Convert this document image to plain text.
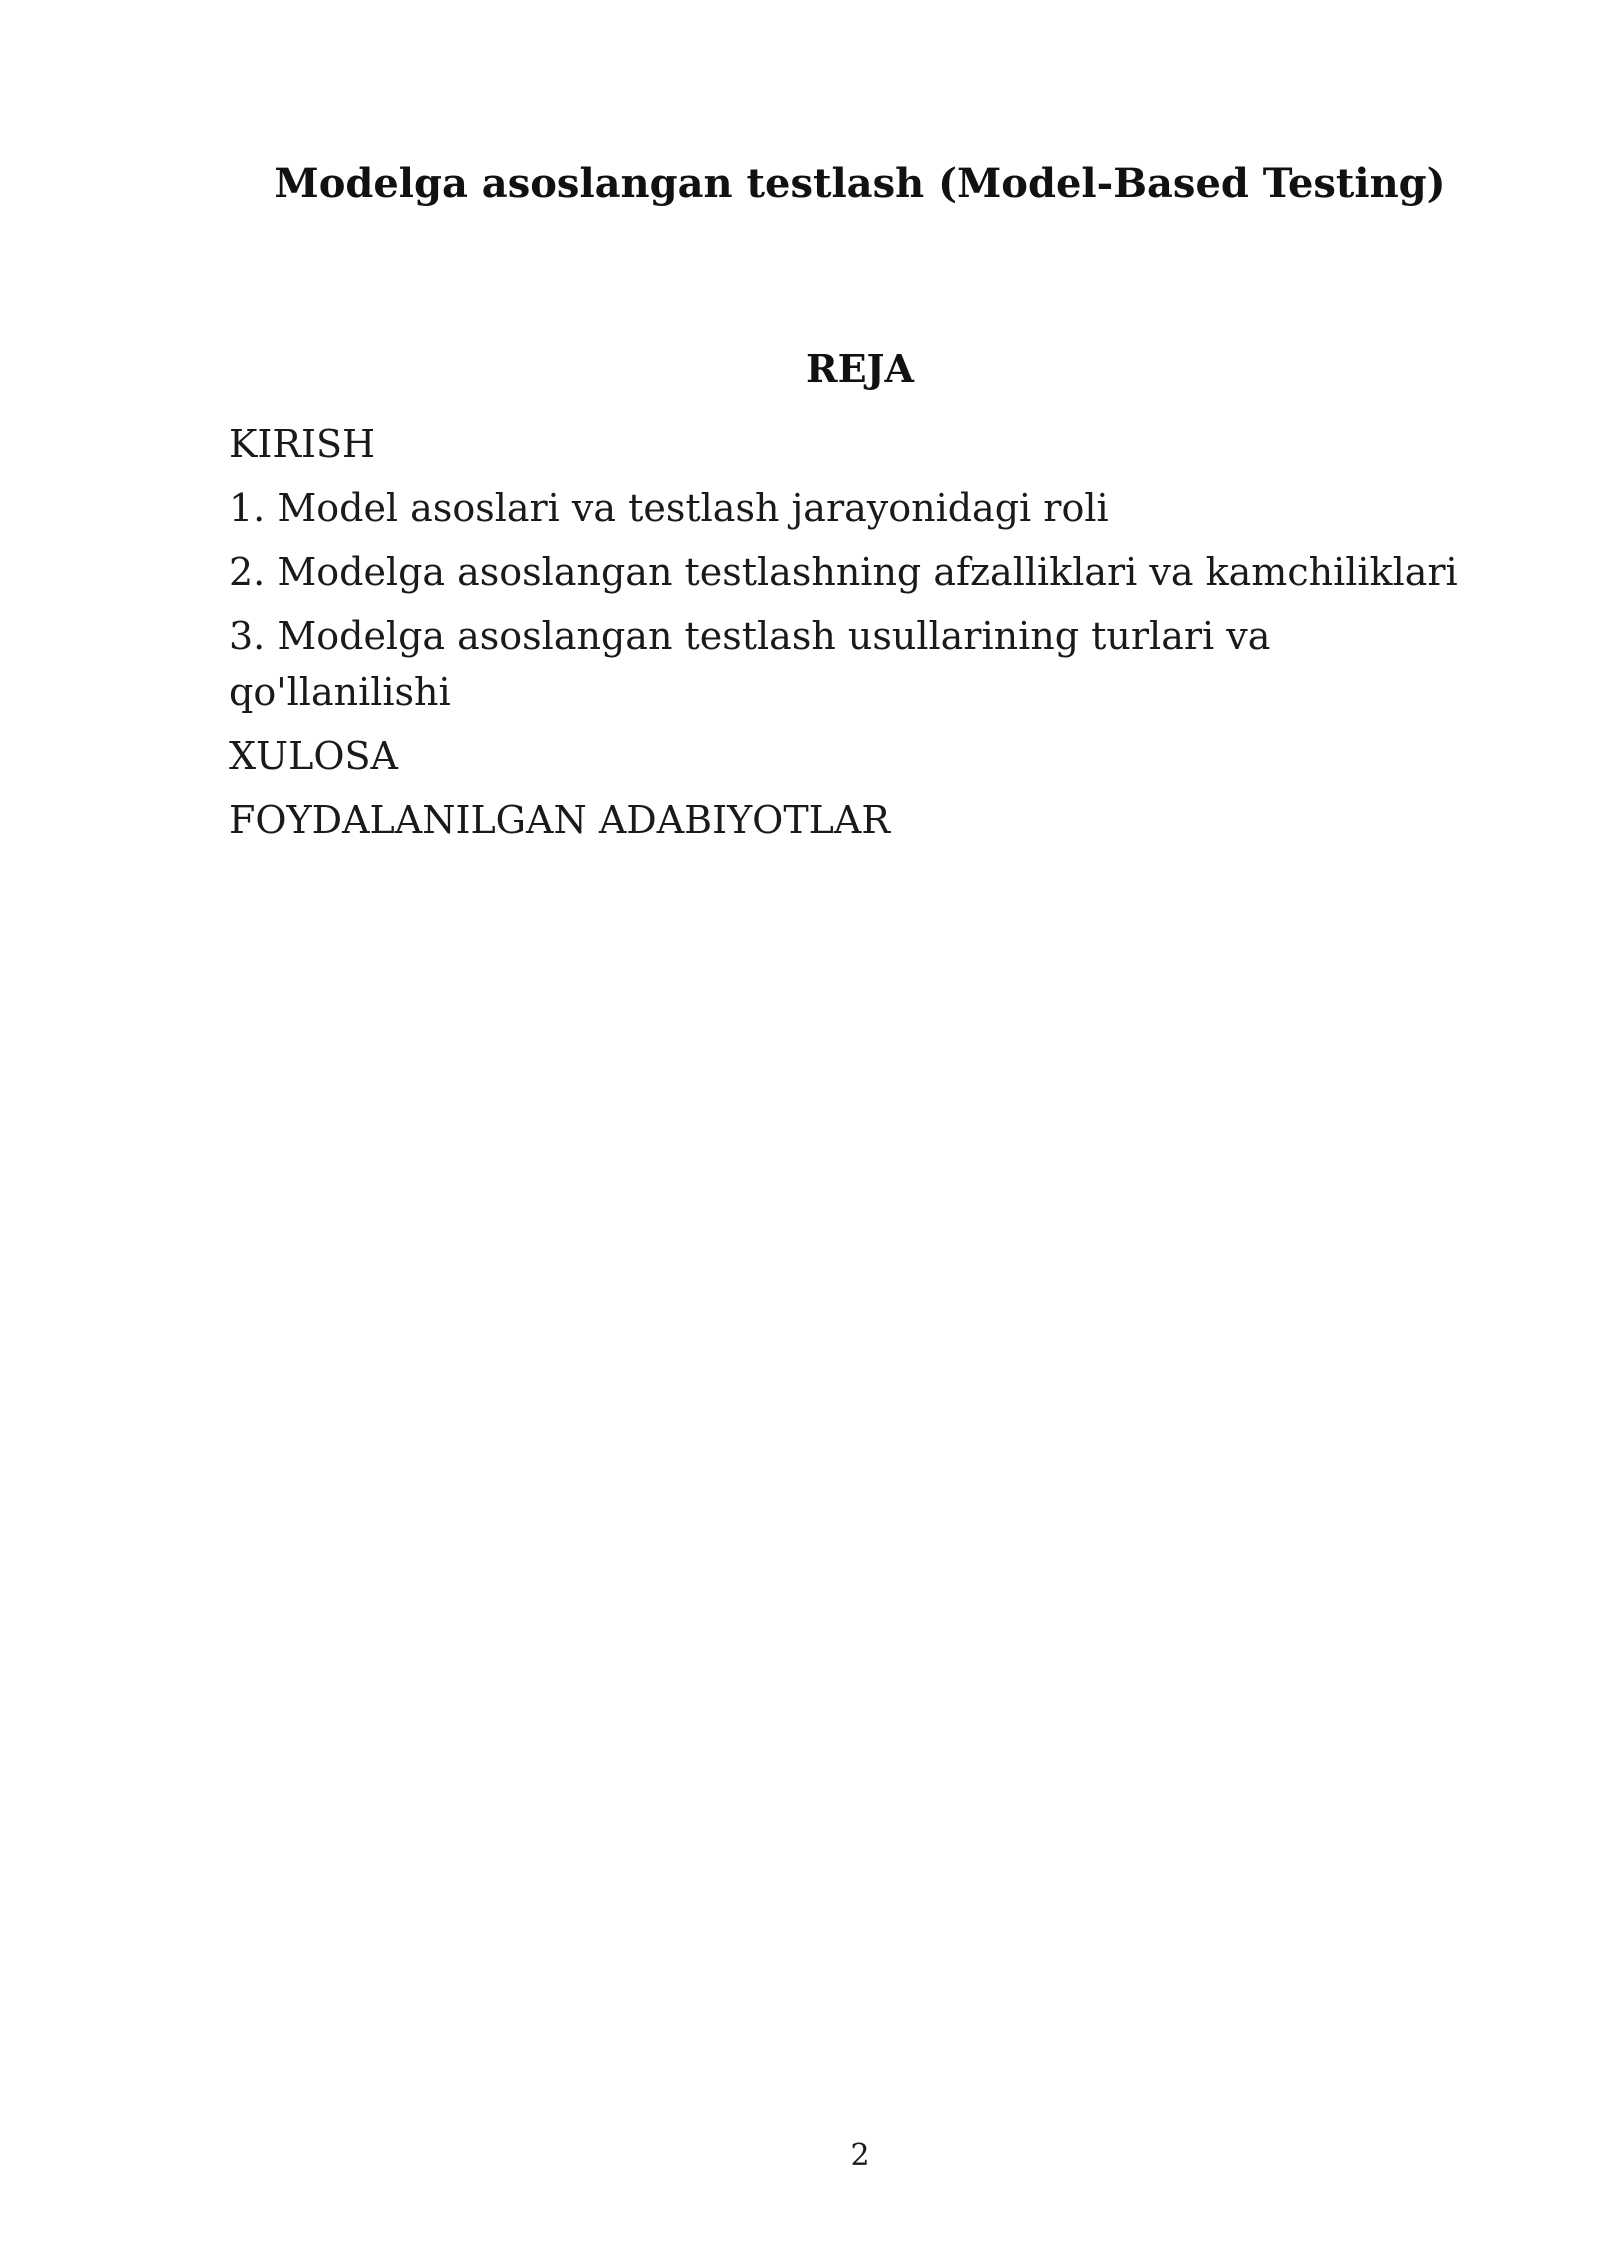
Modelga asoslangan testlash (Model-Based Testing)
REJA
KIRISH
1. Model asoslari va testlash jarayonidagi roli
2. Modelga asoslangan testlashning afzalliklari va kamchiliklari
3. Modelga asoslangan testlash usullarining turlari va qo'llanilishi
XULOSA
FOYDALANILGAN ADABIYOTLAR
2
